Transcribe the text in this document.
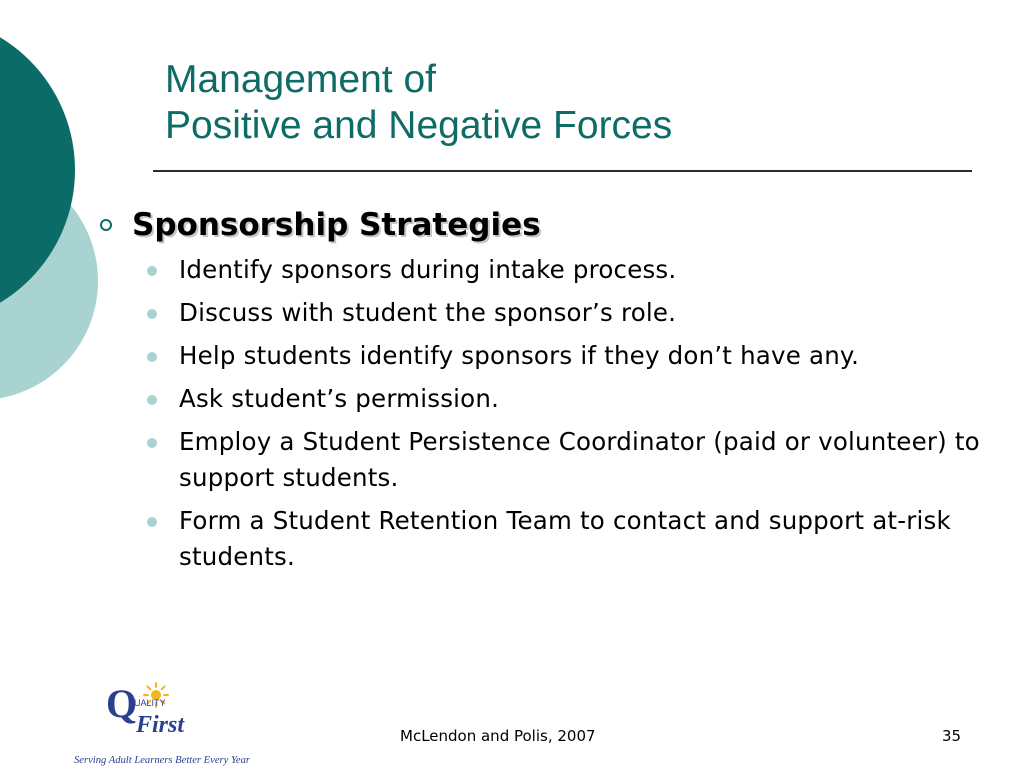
Management of
Positive and Negative Forces
Sponsorship Strategies
Identify sponsors during intake process.
Discuss with student the sponsor’s role.
Help students identify sponsors if they don’t have any.
Ask student’s permission.
Employ a Student Persistence Coordinator (paid or volunteer) to support students.
Form a Student Retention Team to contact and support at-risk students.
Q
UALITY
First
Serving Adult Learners Better Every Year
McLendon and Polis, 2007	35
